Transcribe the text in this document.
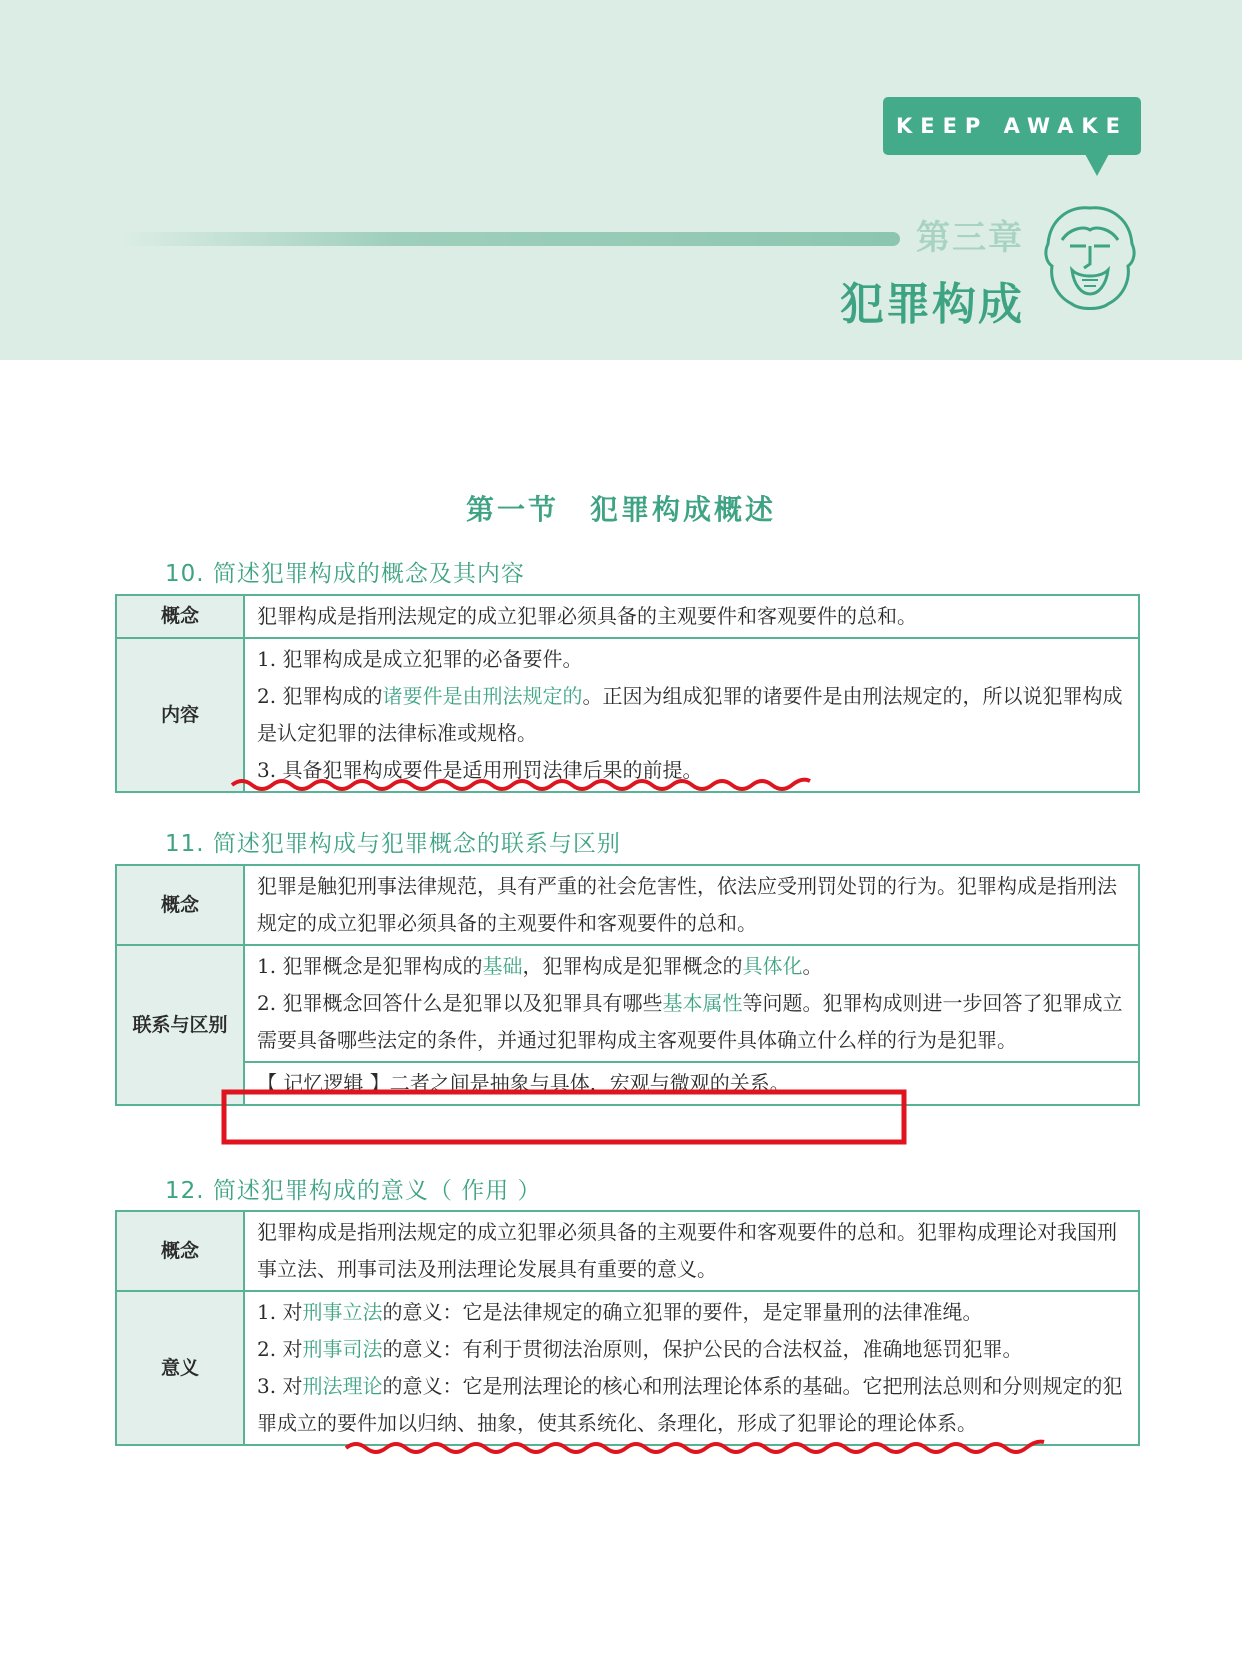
KEEP AWAKE
第三章
犯罪构成
第一节　犯罪构成概述
10. 简述犯罪构成的概念及其内容
概念	犯罪构成是指刑法规定的成立犯罪必须具备的主观要件和客观要件的总和。

内容	1. 犯罪构成是成立犯罪的必备要件。

2. 犯罪构成的诸要件是由刑法规定的。正因为组成犯罪的诸要件是由刑法规定的，所以说犯罪构成是认定犯罪的法律标准或规格。

3. 具备犯罪构成要件是适用刑罚法律后果的前提。

11. 简述犯罪构成与犯罪概念的联系与区别
概念	犯罪是触犯刑事法律规范，具有严重的社会危害性，依法应受刑罚处罚的行为。犯罪构成是指刑法规定的成立犯罪必须具备的主观要件和客观要件的总和。

联系与区别	1. 犯罪概念是犯罪构成的基础，犯罪构成是犯罪概念的具体化。

2. 犯罪概念回答什么是犯罪以及犯罪具有哪些基本属性等问题。犯罪构成则进一步回答了犯罪成立需要具备哪些法定的条件，并通过犯罪构成主客观要件具体确立什么样的行为是犯罪。

	【 记忆逻辑 】二者之间是抽象与具体，宏观与微观的关系。

12. 简述犯罪构成的意义（ 作用 ）
概念	犯罪构成是指刑法规定的成立犯罪必须具备的主观要件和客观要件的总和。犯罪构成理论对我国刑事立法、刑事司法及刑法理论发展具有重要的意义。

意义	1. 对刑事立法的意义：它是法律规定的确立犯罪的要件，是定罪量刑的法律准绳。

2. 对刑事司法的意义：有利于贯彻法治原则，保护公民的合法权益，准确地惩罚犯罪。

3. 对刑法理论的意义：它是刑法理论的核心和刑法理论体系的基础。它把刑法总则和分则规定的犯罪成立的要件加以归纳、抽象，使其系统化、条理化，形成了犯罪论的理论体系。
